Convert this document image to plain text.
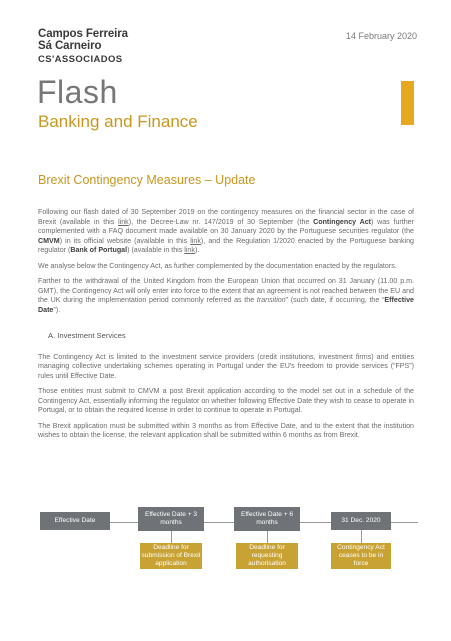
Campos Ferreira
Sá Carneiro
CS'ASSOCIADOS
14 February 2020
Flash
Banking and Finance
Brexit Contingency Measures – Update

Following our flash dated of 30 September 2019 on the contingency measures on the financial sector in the case of Brexit (available in this link), the Decree-Law nr. 147/2019 of 30 September (the Contingency Act) was further complemented with a FAQ document made available on 30 January 2020 by the Portuguese securities regulator (the CMVM) in its official website (available in this link), and the Regulation 1/2020 enacted by the Portuguese banking regulator (Bank of Portugal) (available in this link).

We analyse below the Contingency Act, as further complemented by the documentation enacted by the regulators.

Farther to the withdrawal of the United Kingdom from the European Union that occurred on 31 January (11.00 p.m. GMT), the Contingency Act will only enter into force to the extent that an agreement is not reached between the EU and the UK during the implementation period commonly referred as the transition” (such date, if occurring, the “Effective Date”).

A. Investment Services

The Contingency Act is limited to the investment service providers (credit institutions, investment firms) and entities managing collective undertaking schemes operating in Portugal under the EU's freedom to provide services (“FPS”) rules until Effective Date.

Those entities must submit to CMVM a post Brexit application according to the model set out in a schedule of the Contingency Act, essentially informing the regulator on whether following Effective Date they wish to cease to operate in Portugal, or to obtain the required license in order to continue to operate in Portugal.

The Brexit application must be submitted within 3 months as from Effective Date, and to the extent that the institution wishes to obtain the license, the relevant application shall be submitted within 6 months as from Brexit.

Effective Date
Effective Date + 3 months
Effective Date + 6 months	31 Dec. 2020
Deadline for submission of Brexit application
Deadline for requesting authorisation
Contingency Act ceases to be in force
